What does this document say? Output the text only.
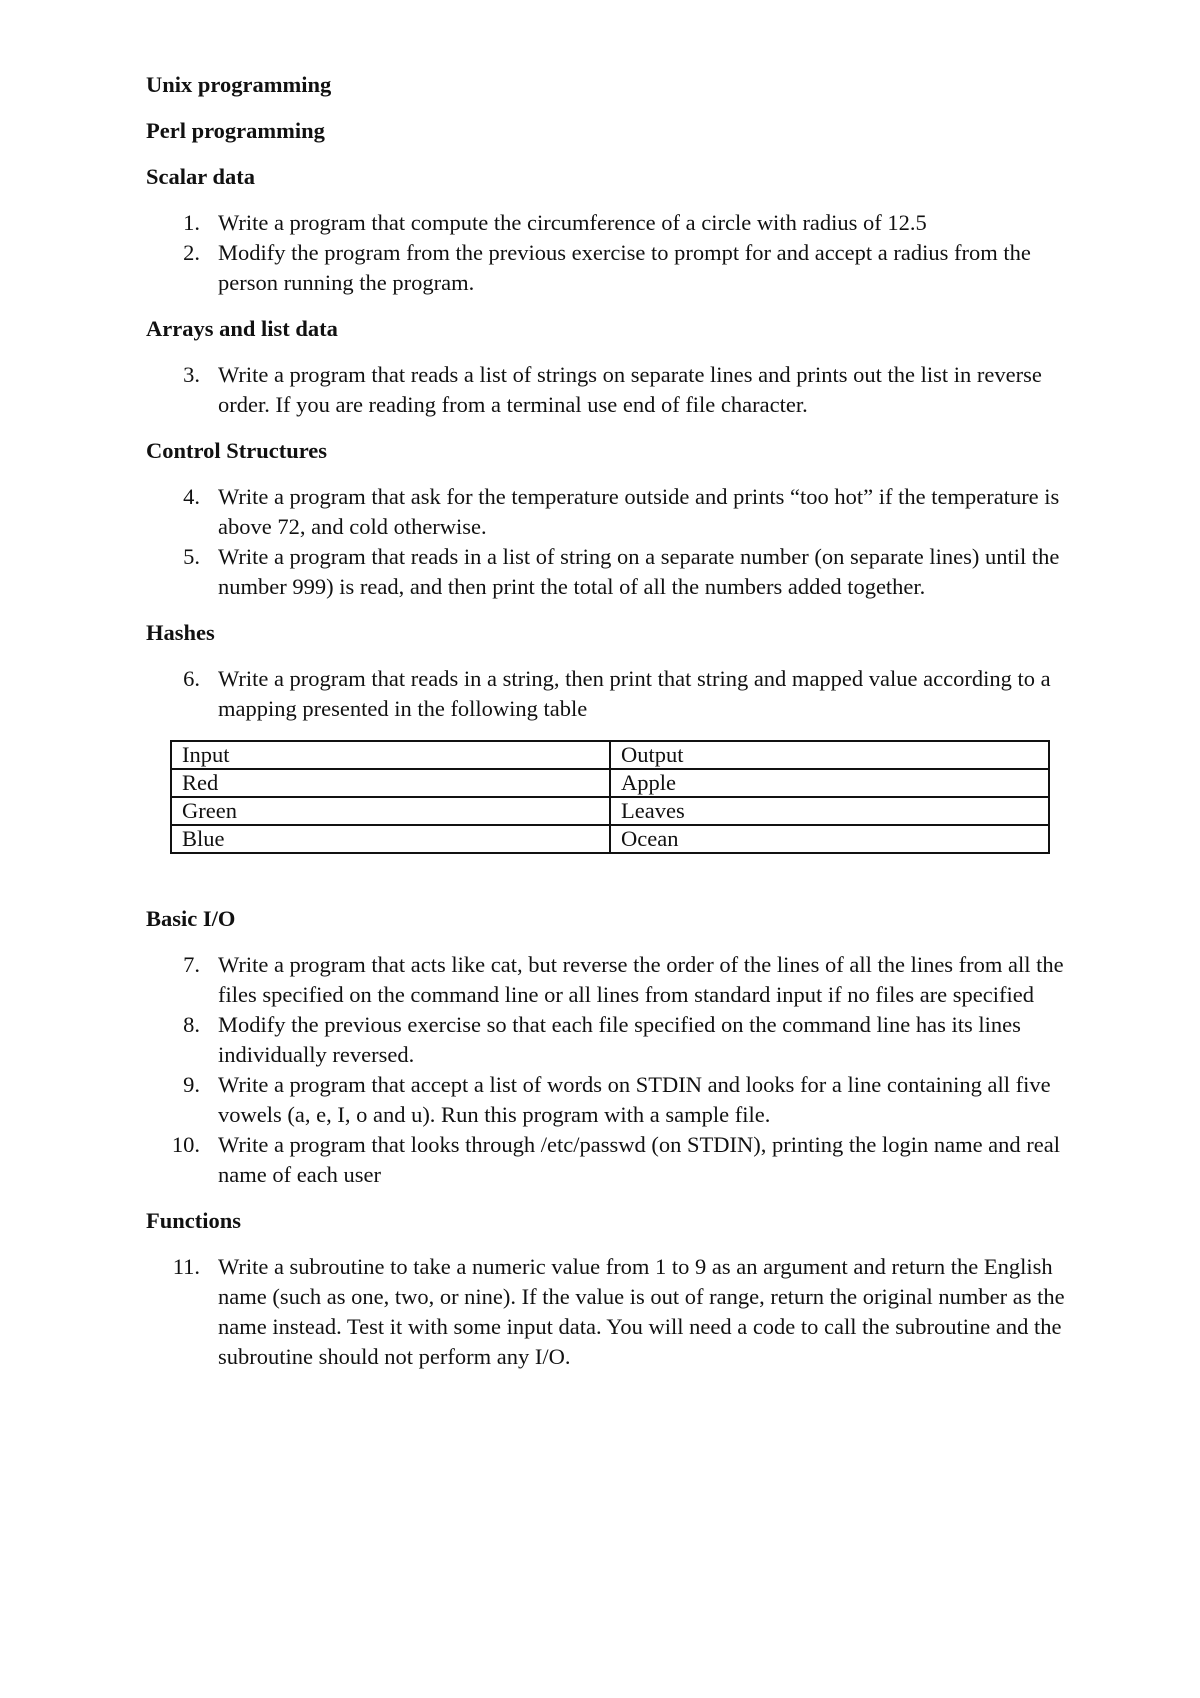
Unix programming
Perl programming
Scalar data
1. Write a program that compute the circumference of a circle with radius of 12.5
2. Modify the program from the previous exercise to prompt for and accept a radius from the person running the program.
Arrays and list data
3. Write a program that reads a list of strings on separate lines and prints out the list in reverse order. If you are reading from a terminal use end of file character.
Control Structures
4. Write a program that ask for the temperature outside and prints “too hot” if the temperature is above 72, and cold otherwise.
5. Write a program that reads in a list of string on a separate number (on separate lines) until the number 999) is read, and then print the total of all the numbers added together.
Hashes
6. Write a program that reads in a string, then print that string and mapped value according to a mapping presented in the following table
Input	Output
Red	Apple
Green	Leaves
Blue	Ocean
Basic I/O
7. Write a program that acts like cat, but reverse the order of the lines of all the lines from all the files specified on the command line or all lines from standard input if no files are specified
8. Modify the previous exercise so that each file specified on the command line has its lines individually reversed.
9. Write a program that accept a list of words on STDIN and looks for a line containing all five vowels (a, e, I, o and u). Run this program with a sample file.
10. Write a program that looks through /etc/passwd (on STDIN), printing the login name and real name of each user
Functions
11. Write a subroutine to take a numeric value from 1 to 9 as an argument and return the English name (such as one, two, or nine). If the value is out of range, return the original number as the name instead. Test it with some input data. You will need a code to call the subroutine and the subroutine should not perform any I/O.
